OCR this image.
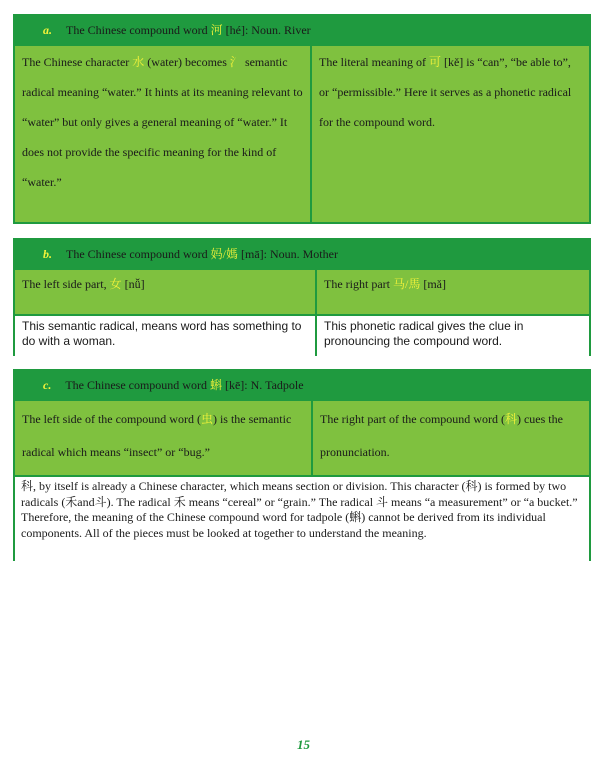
a. The Chinese compound word 河 [hé]: Noun. River
The Chinese character 水 (water) becomes 氵 semantic radical meaning “water.” It hints at its meaning relevant to “water” but only gives a general meaning of “water.” It does not provide the specific meaning for the kind of “water.”
The literal meaning of 可 [kě] is “can”, “be able to”, or “permissible.” Here it serves as a phonetic radical for the compound word.
b. The Chinese compound word 妈/媽 [mā]: Noun. Mother
The left side part, 女 [nǚ]	The right part 马/馬 [mǎ]
This semantic radical, means word has something to do with a woman.
This phonetic radical gives the clue in pronouncing the compound word.
c. The Chinese compound word 蝌 [kē]: N. Tadpole
The left side of the compound word (虫) is the semantic radical which means “insect” or “bug.”
The right part of the compound word (科) cues the pronunciation.
科, by itself is already a Chinese character, which means section or division. This character (科) is formed by two radicals (禾and斗). The radical 禾 means “cereal” or “grain.” The radical 斗 means “a measurement” or “a bucket.” Therefore, the meaning of the Chinese compound word for tadpole (蝌) cannot be derived from its individual components. All of the pieces must be looked at together to understand the meaning.
15
